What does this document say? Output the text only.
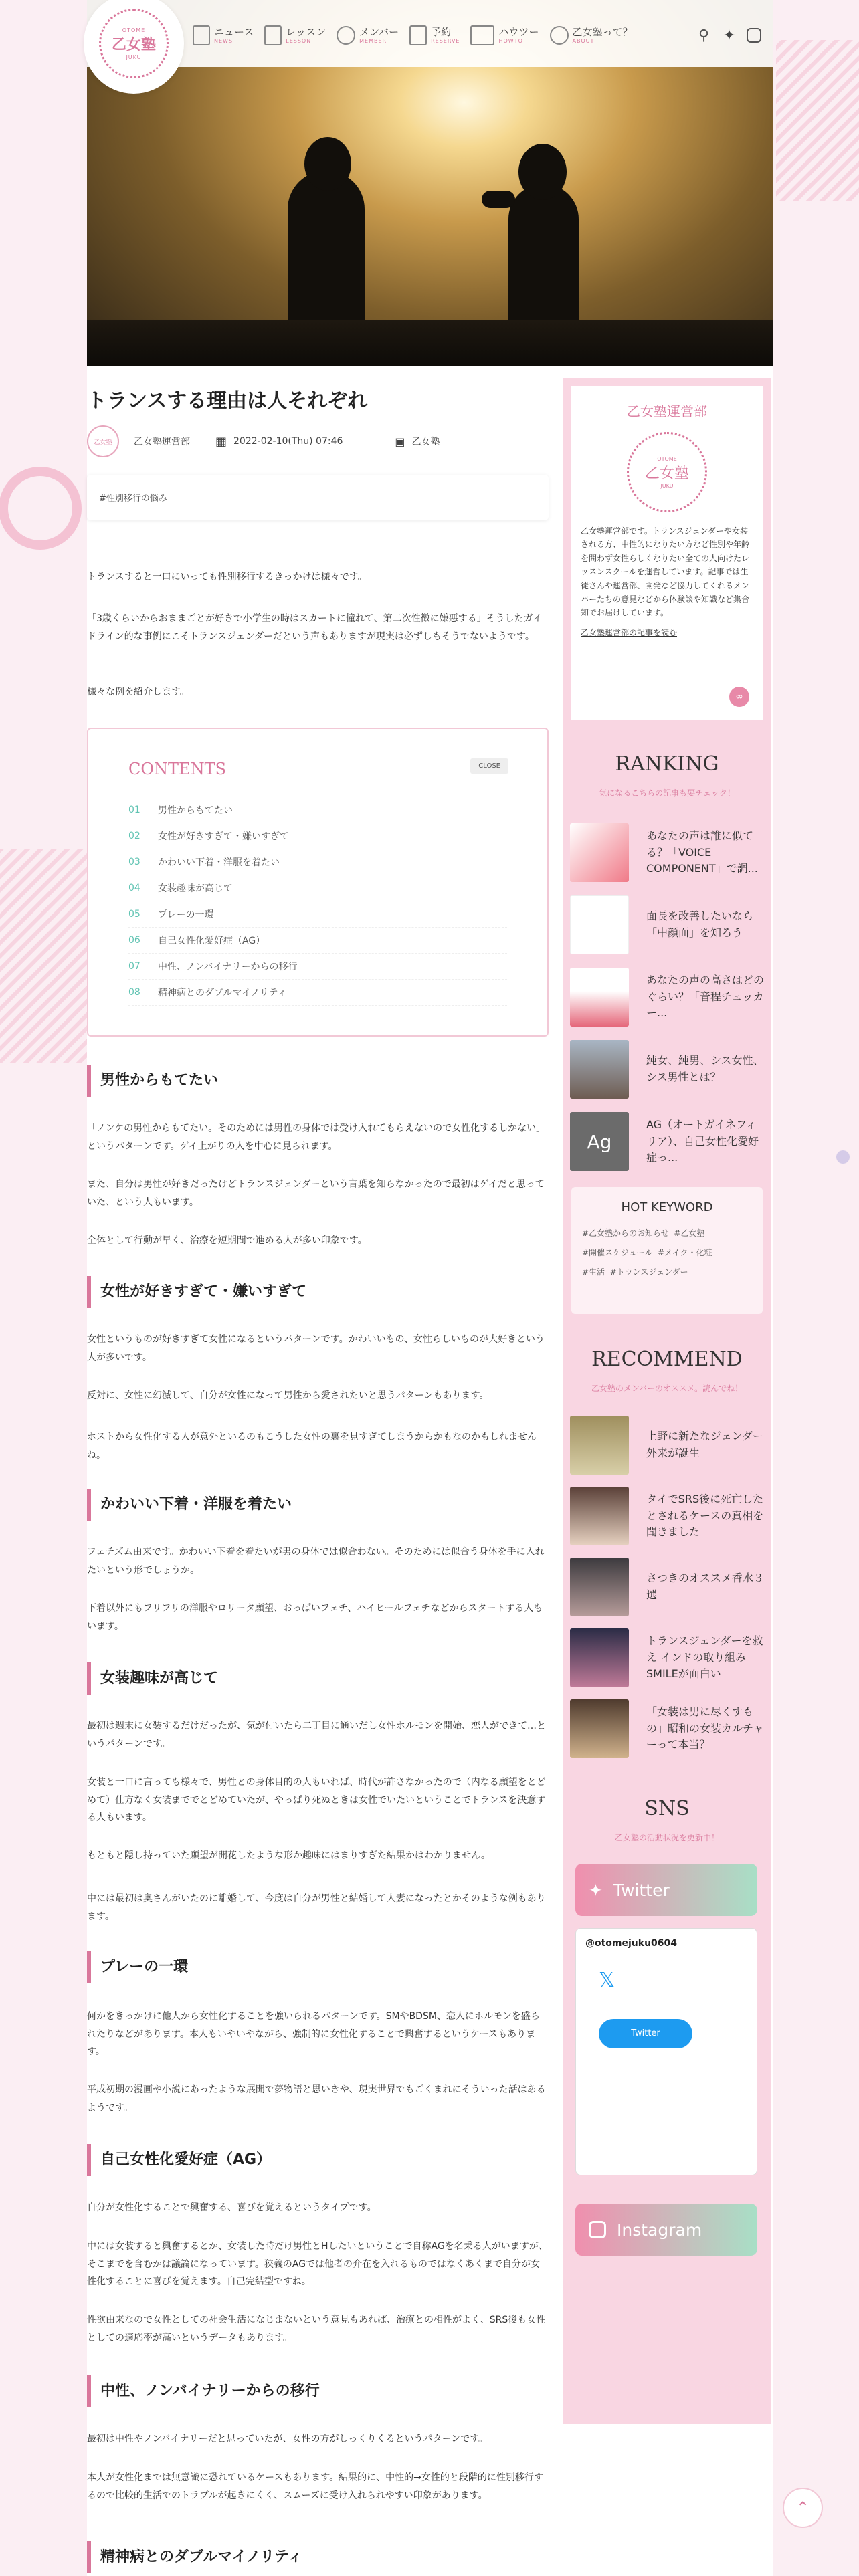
OTOME
乙女塾
JUKU
ニュース
NEWS
レッスン
LESSON
メンバー
MEMBER
予約
RESERVE
ハウツー
HOWTO
乙女塾って？
ABOUT	⚲ ✦
トランスする理由は人それぞれ
乙女塾	乙女塾運営部 ▦ 2022-02-10(Thu) 07:46	▣ 乙女塾
#性別移行の悩み

トランスすると一口にいっても性別移行するきっかけは様々です。

「3歳くらいからおままごとが好きで小学生の時はスカートに憧れて、第二次性徴に嫌悪する」そうしたガイドライン的な事例にこそトランスジェンダーだという声もありますが現実は必ずしもそうでないようです。

様々な例を紹介します。

CONTENTS	CLOSE
01	男性からもてたい
02	女性が好きすぎて・嫌いすぎて
03	かわいい下着・洋服を着たい
04	女装趣味が高じて
05	プレーの一環
06	自己女性化愛好症（AG）
07	中性、ノンバイナリーからの移行
08	精神病とのダブルマイノリティ
男性からもてたい

「ノンケの男性からもてたい。そのためには男性の身体では受け入れてもらえないので女性化するしかない」というパターンです。ゲイ上がりの人を中心に見られます。

また、自分は男性が好きだったけどトランスジェンダーという言葉を知らなかったので最初はゲイだと思っていた、という人もいます。

全体として行動が早く、治療を短期間で進める人が多い印象です。

女性が好きすぎて・嫌いすぎて

女性というものが好きすぎて女性になるというパターンです。かわいいもの、女性らしいものが大好きという人が多いです。

反対に、女性に幻滅して、自分が女性になって男性から愛されたいと思うパターンもあります。

ホストから女性化する人が意外といるのもこうした女性の裏を見すぎてしまうからかもなのかもしれませんね。

かわいい下着・洋服を着たい

フェチズム由来です。かわいい下着を着たいが男の身体では似合わない。そのためには似合う身体を手に入れたいという形でしょうか。

下着以外にもフリフリの洋服やロリータ願望、おっぱいフェチ、ハイヒールフェチなどからスタートする人もいます。

女装趣味が高じて

最初は週末に女装するだけだったが、気が付いたら二丁目に通いだし女性ホルモンを開始、恋人ができて…というパターンです。

女装と一口に言っても様々で、男性との身体目的の人もいれば、時代が許さなかったので（内なる願望をとどめて）仕方なく女装まででとどめていたが、やっぱり死ぬときは女性でいたいということでトランスを決意する人もいます。

もともと隠し持っていた願望が開花したような形か趣味にはまりすぎた結果かはわかりません。

中には最初は奥さんがいたのに離婚して、今度は自分が男性と結婚して人妻になったとかそのような例もあります。

プレーの一環

何かをきっかけに他人から女性化することを強いられるパターンです。SMやBDSM、恋人にホルモンを盛られたりなどがあります。本人もいやいやながら、強制的に女性化することで興奮するというケースもあります。

平成初期の漫画や小説にあったような展開で夢物語と思いきや、現実世界でもごくまれにそういった話はあるようです。

自己女性化愛好症（AG）

自分が女性化することで興奮する、喜びを覚えるというタイプです。

中には女装すると興奮するとか、女装した時だけ男性とHしたいということで自称AGを名乗る人がいますが、そこまでを含むかは議論になっています。狭義のAGでは他者の介在を入れるものではなくあくまで自分が女性化することに喜びを覚えます。自己完結型ですね。

性欲由来なので女性としての社会生活になじまないという意見もあれば、治療との相性がよく、SRS後も女性としての適応率が高いというデータもあります。

中性、ノンバイナリーからの移行

最初は中性やノンバイナリーだと思っていたが、女性の方がしっくりくるというパターンです。

本人が女性化までは無意識に恐れているケースもあります。結果的に、中性的→女性的と段階的に性別移行するので比較的生活でのトラブルが起きにくく、スムーズに受け入れられやすい印象があります。

精神病とのダブルマイノリティ
乙女塾運営部
OTOME
乙女塾
JUKU

乙女塾運営部です。トランスジェンダーや女装される方、中性的になりたい方など性別や年齢を問わず女性らしくなりたい全ての人向けたレッスンスクールを運営しています。記事では生徒さんや運営部、開発など協力してくれるメンバーたちの意見などから体験談や知識など集合知でお届けしています。

乙女塾運営部の記事を読む
∞
RANKING
気になるこちらの記事も要チェック！
あなたの声は誰に似てる？「VOICE COMPONENT」で調...
面長を改善したいなら「中顔面」を知ろう
あなたの声の高さはどのぐらい？「音程チェッカー...
純女、純男、シス女性、シス男性とは？
Ag
AG（オートガイネフィリア）、自己女性化愛好症っ...
HOT KEYWORD
#乙女塾からのお知らせ #乙女塾
#開催スケジュール #メイク・化粧
#生活 #トランスジェンダー
RECOMMEND
乙女塾のメンバーのオススメ。読んでね！
上野に新たなジェンダー外来が誕生
タイでSRS後に死亡したとされるケースの真相を聞きました
さつきのオススメ香水３選
トランスジェンダーを救え インドの取り組みSMILEが面白い
「女装は男に尽くすもの」昭和の女装カルチャーって本当？
SNS
乙女塾の活動状況を更新中！
✦ Twitter
@otomejuku0604
𝕏
Twitter
Instagram
⌃
